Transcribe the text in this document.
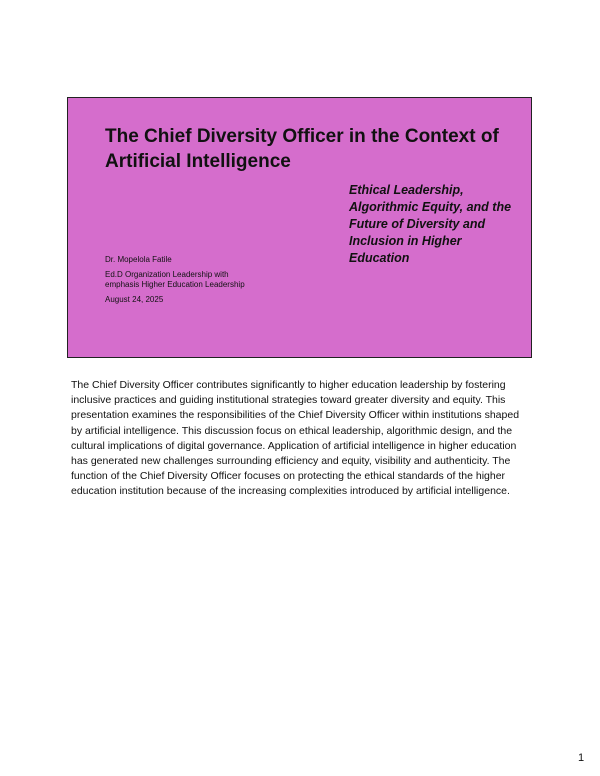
The Chief Diversity Officer in the Context of Artificial Intelligence

Ethical Leadership, Algorithmic Equity, and the Future of Diversity and Inclusion in Higher Education

Dr. Mopelola Fatile

Ed.D Organization Leadership with emphasis Higher Education Leadership

August 24, 2025

The Chief Diversity Officer contributes significantly to higher education leadership by fostering inclusive practices and guiding institutional strategies toward greater diversity and equity. This presentation examines the responsibilities of the Chief Diversity Officer within institutions shaped by artificial intelligence. This discussion focus on ethical leadership, algorithmic design, and the cultural implications of digital governance. Application of artificial intelligence in higher education has generated new challenges surrounding efficiency and equity, visibility and authenticity. The function of the Chief Diversity Officer focuses on protecting the ethical standards of the higher education institution because of the increasing complexities introduced by artificial intelligence.

1
